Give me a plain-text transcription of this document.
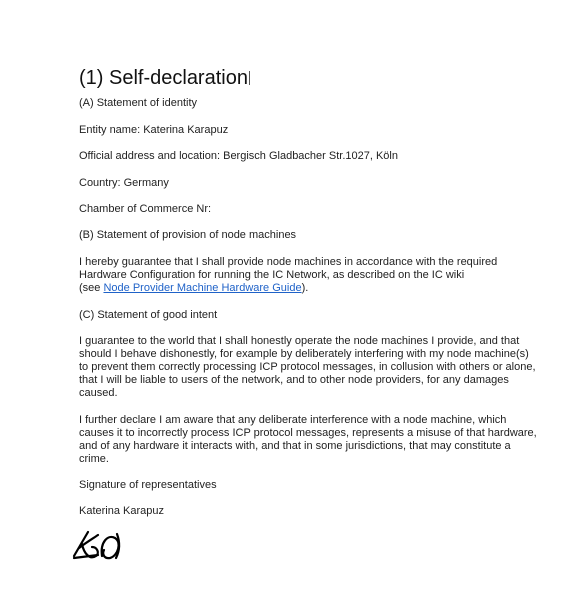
(1) Self-declaration

(A) Statement of identity

Entity name: Katerina Karapuz

Official address and location: Bergisch Gladbacher Str.1027, Köln

Country: Germany

Chamber of Commerce Nr:

(B) Statement of provision of node machines

I hereby guarantee that I shall provide node machines in accordance with the required Hardware Configuration for running the IC Network, as described on the IC wiki
(see Node Provider Machine Hardware Guide).

(C) Statement of good intent

I guarantee to the world that I shall honestly operate the node machines I provide, and that should I behave dishonestly, for example by deliberately interfering with my node machine(s) to prevent them correctly processing ICP protocol messages, in collusion with others or alone, that I will be liable to users of the network, and to other node providers, for any damages caused.

I further declare I am aware that any deliberate interference with a node machine, which causes it to incorrectly process ICP protocol messages, represents a misuse of that hardware, and of any hardware it interacts with, and that in some jurisdictions, that may constitute a crime.

Signature of representatives

Katerina Karapuz
